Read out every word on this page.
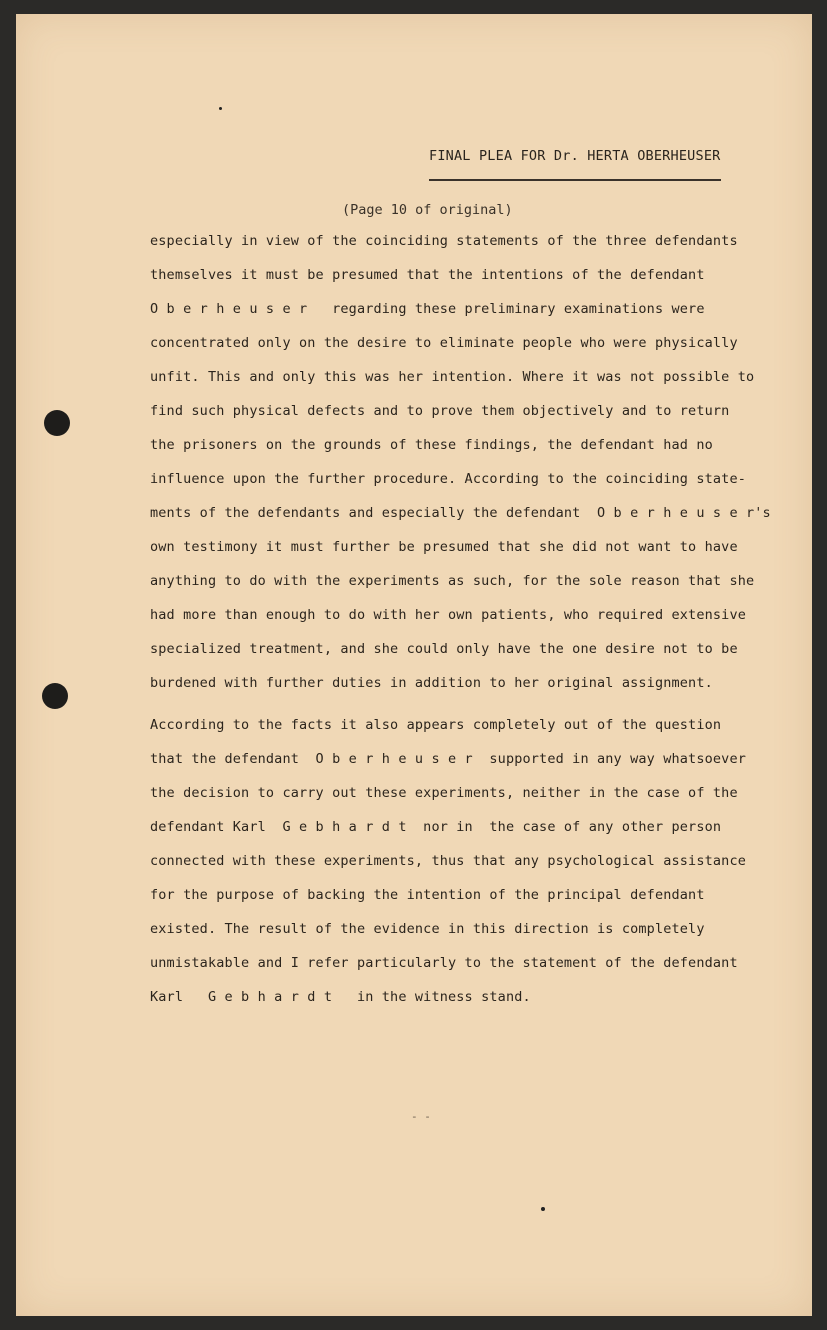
FINAL PLEA FOR Dr. HERTA OBERHEUSER
(Page 10 of original)
especially in view of the coinciding statements of the three defendants
themselves it must be presumed that the intentions of the defendant
O b e r h e u s e r   regarding these preliminary examinations were
concentrated only on the desire to eliminate people who were physically
unfit. This and only this was her intention. Where it was not possible to
find such physical defects and to prove them objectively and to return
the prisoners on the grounds of these findings, the defendant had no
influence upon the further procedure. According to the coinciding state-
ments of the defendants and especially the defendant  O b e r h e u s e r's
own testimony it must further be presumed that she did not want to have
anything to do with the experiments as such, for the sole reason that she
had more than enough to do with her own patients, who required extensive
specialized treatment, and she could only have the one desire not to be
burdened with further duties in addition to her original assignment.
According to the facts it also appears completely out of the question
that the defendant  O b e r h e u s e r  supported in any way whatsoever
the decision to carry out these experiments, neither in the case of the
defendant Karl  G e b h a r d t  nor in  the case of any other person
connected with these experiments, thus that any psychological assistance
for the purpose of backing the intention of the principal defendant
existed. The result of the evidence in this direction is completely
unmistakable and I refer particularly to the statement of the defendant
Karl   G e b h a r d t   in the witness stand.
- -
